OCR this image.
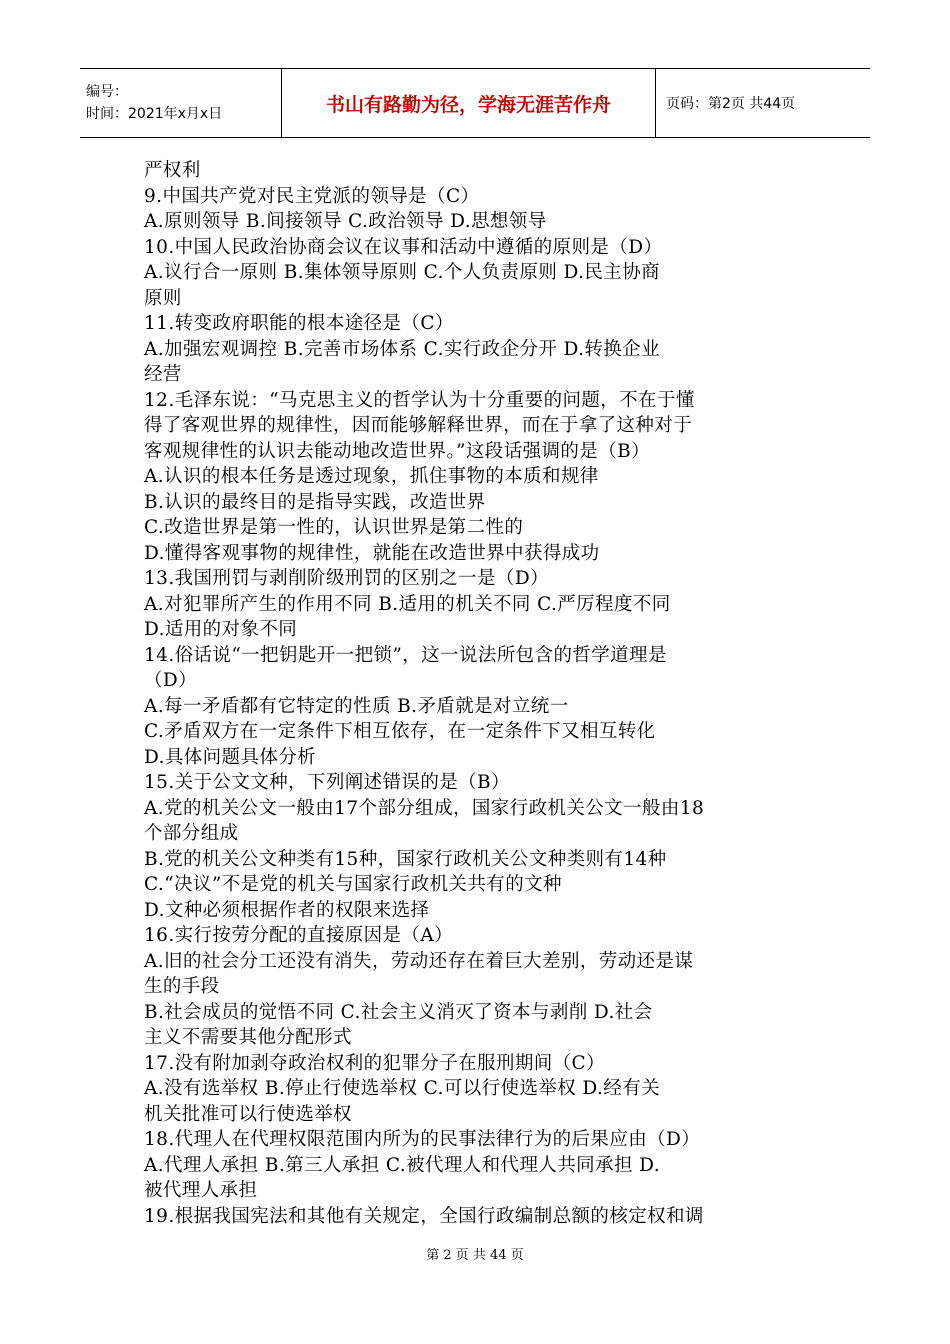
编号：
时间：2021年x月x日	书山有路勤为径，学海无涯苦作舟	页码：第2页 共44页
严权利
9.中国共产党对民主党派的领导是（C）
A.原则领导 B.间接领导 C.政治领导 D.思想领导
10.中国人民政治协商会议在议事和活动中遵循的原则是（D）
A.议行合一原则 B.集体领导原则 C.个人负责原则 D.民主协商
原则
11.转变政府职能的根本途径是（C）
A.加强宏观调控 B.完善市场体系 C.实行政企分开 D.转换企业
经营
12.毛泽东说：“马克思主义的哲学认为十分重要的问题，不在于懂
得了客观世界的规律性，因而能够解释世界，而在于拿了这种对于
客观规律性的认识去能动地改造世界。”这段话强调的是（B）
A.认识的根本任务是透过现象，抓住事物的本质和规律
B.认识的最终目的是指导实践，改造世界
C.改造世界是第一性的，认识世界是第二性的
D.懂得客观事物的规律性，就能在改造世界中获得成功
13.我国刑罚与剥削阶级刑罚的区别之一是（D）
A.对犯罪所产生的作用不同 B.适用的机关不同 C.严厉程度不同
D.适用的对象不同
14.俗话说“一把钥匙开一把锁”，这一说法所包含的哲学道理是
（D）
A.每一矛盾都有它特定的性质 B.矛盾就是对立统一
C.矛盾双方在一定条件下相互依存，在一定条件下又相互转化
D.具体问题具体分析
15.关于公文文种，下列阐述错误的是（B）
A.党的机关公文一般由17个部分组成，国家行政机关公文一般由18
个部分组成
B.党的机关公文种类有15种，国家行政机关公文种类则有14种
C.“决议”不是党的机关与国家行政机关共有的文种
D.文种必须根据作者的权限来选择
16.实行按劳分配的直接原因是（A）
A.旧的社会分工还没有消失，劳动还存在着巨大差别，劳动还是谋
生的手段
B.社会成员的觉悟不同 C.社会主义消灭了资本与剥削 D.社会
主义不需要其他分配形式
17.没有附加剥夺政治权利的犯罪分子在服刑期间（C）
A.没有选举权 B.停止行使选举权 C.可以行使选举权 D.经有关
机关批准可以行使选举权
18.代理人在代理权限范围内所为的民事法律行为的后果应由（D）
A.代理人承担 B.第三人承担 C.被代理人和代理人共同承担 D.
被代理人承担
19.根据我国宪法和其他有关规定，全国行政编制总额的核定权和调
第 2 页 共 44 页
